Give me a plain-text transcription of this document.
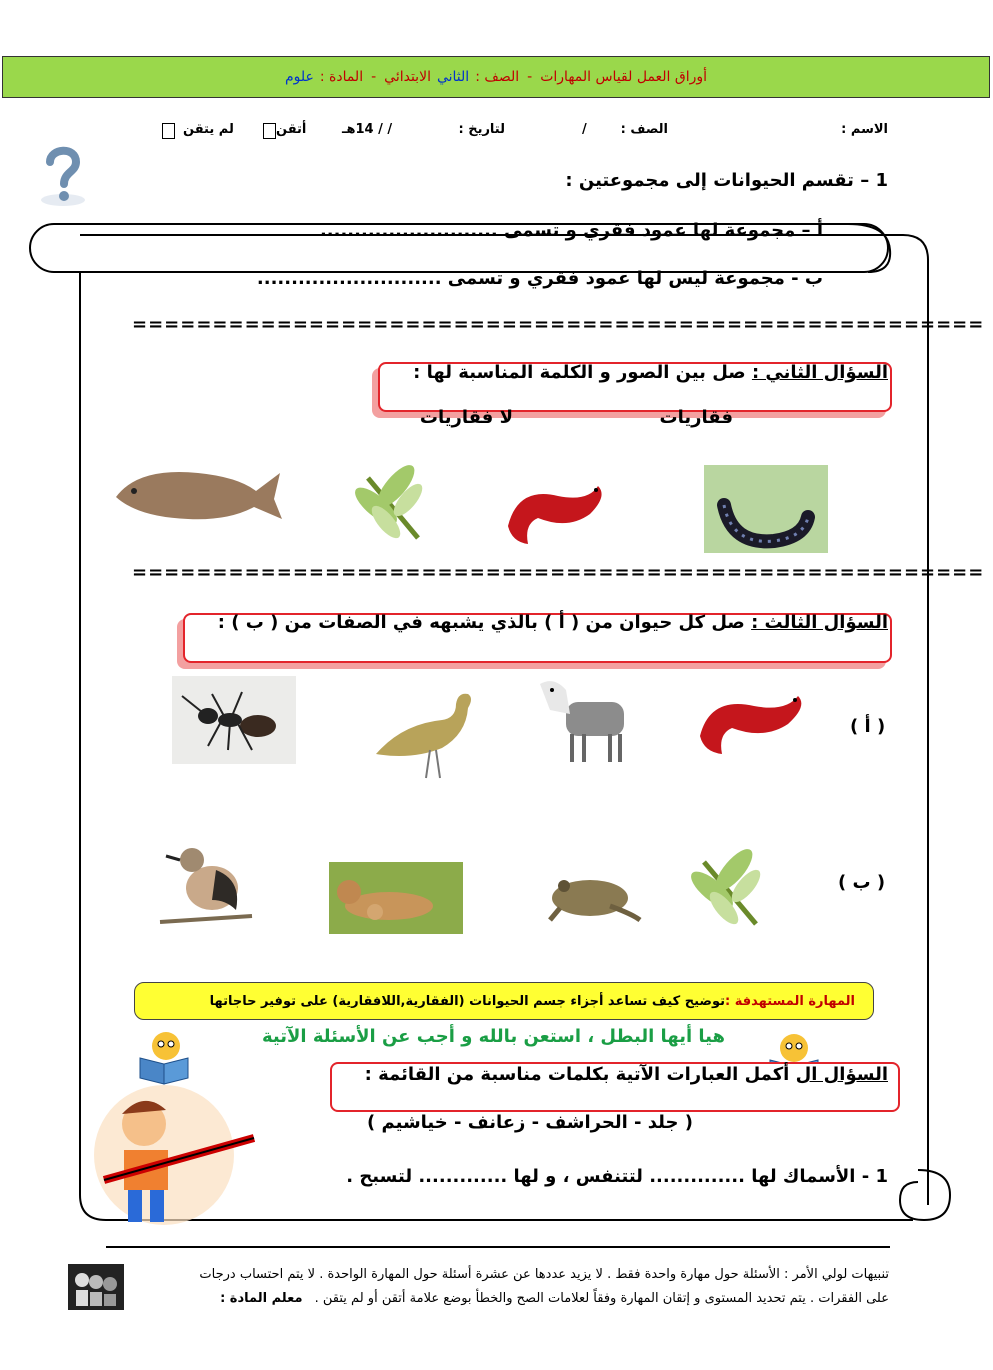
أوراق العمل لقياس المهارات
-
الصف :
الثاني
الابتدائي
-
المادة :
علوم
الاسم :
الصف :
/
لتاريخ :
/ / 14هـ
أتقن
لم يتقن
1 – تقسم الحيوانات إلى مجموعتين :
أ – مجموعة لها عمود فقري و تسمى ..........................
ب - مجموعة ليس لها عمود فقري و تسمى ...........................
=====================================================
السؤال الثاني : صل بين الصور و الكلمة المناسبة لها :
فقاريات
لا فقاريات
=====================================================
السؤال الثالث : صل كل حيوان من ( أ ) بالذي يشبهه في الصفات من ( ب ) :
( أ )
( ب )
المهارة المستهدفة :
توضيح كيف تساعد أجزاء جسم الحيوانات (الفقارية,اللافقارية) على توفير حاجاتها
هيا أيها البطل ، استعن بالله و أجب عن الأسئلة الآتية
السؤال ال أكمل العبارات الآتية بكلمات مناسبة من القائمة :
( جلد - الحراشف - زعانف - خياشيم )
1 - الأسماك لها .............. لتتنفس ، و لها ............. لتسبح .
تنبيهات لولي الأمر : الأسئلة حول مهارة واحدة فقط . لا يزيد عددها عن عشرة أسئلة حول المهارة الواحدة . لا يتم احتساب درجات
على الفقرات . يتم تحديد المستوى و إتقان المهارة وفقاً لعلامات الصح والخطأ بوضع علامة أتقن أو لم يتقن . معلم المادة :
